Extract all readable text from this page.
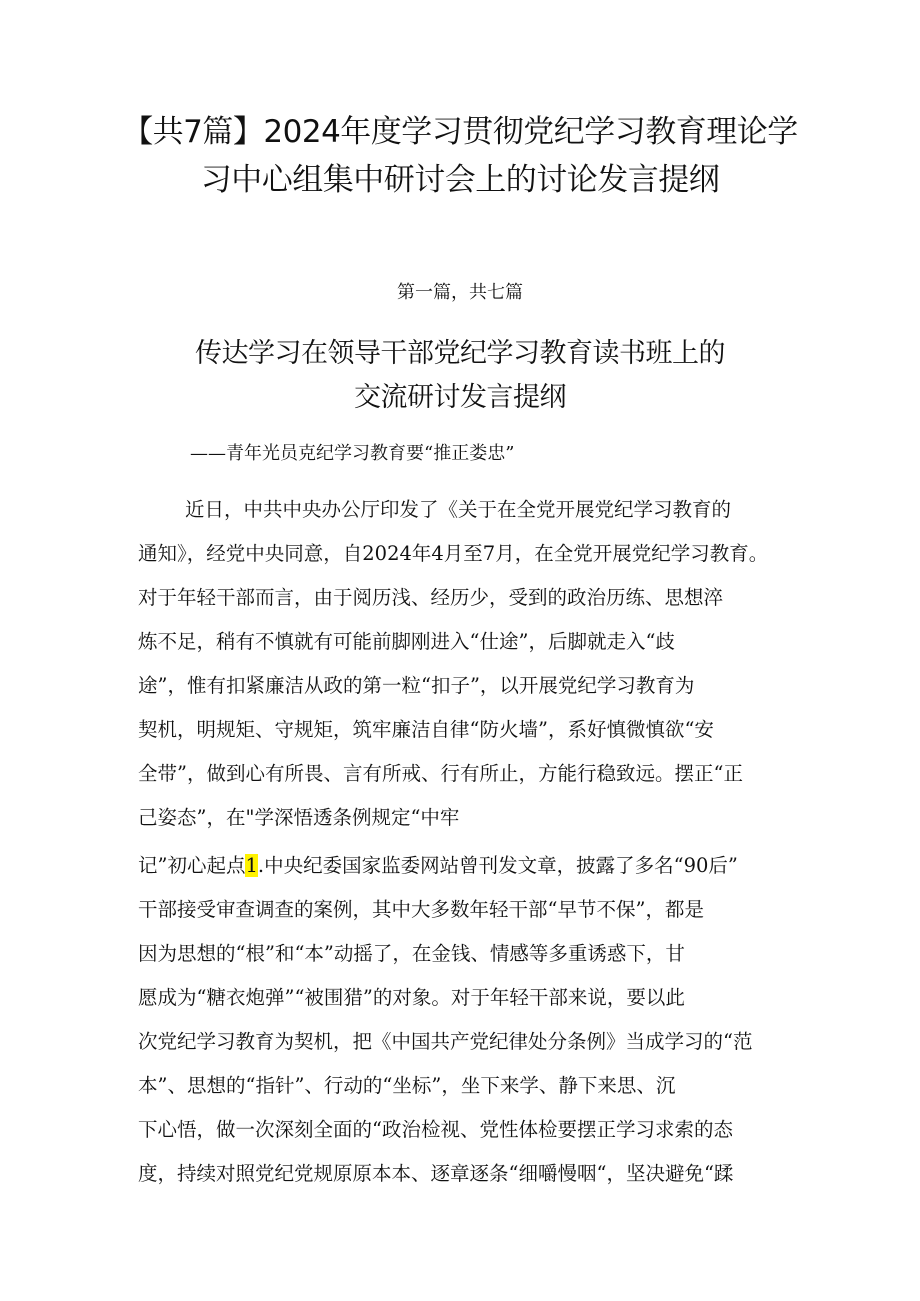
【共7篇】2024年度学习贯彻党纪学习教育理论学
习中心组集中研讨会上的讨论发言提纲
第一篇，共七篇
传达学习在领导干部党纪学习教育读书班上的
交流研讨发言提纲
——青年光员克纪学习教育要“推正娄忠”
近日，中共中央办公厅印发了《关于在全党开展党纪学习教育的
通知》，经党中央同意，自2024年4月至7月，在全党开展党纪学习教育。
对于年轻干部而言，由于阅历浅、经历少，受到的政治历练、思想淬
炼不足，稍有不慎就有可能前脚刚进入“仕途”，后脚就走入“歧
途”，惟有扣紧廉洁从政的第一粒“扣子”，以开展党纪学习教育为
契机，明规矩、守规矩，筑牢廉洁自律“防火墙”，系好慎微慎欲“安
全带”，做到心有所畏、言有所戒、行有所止，方能行稳致远。摆正“正
己姿态”，在"学深悟透条例规定“中牢
记”初心起点1.中央纪委国家监委网站曾刊发文章，披露了多名“90后”
干部接受审查调查的案例，其中大多数年轻干部“早节不保”，都是
因为思想的“根”和“本”动摇了，在金钱、情感等多重诱惑下，甘
愿成为“糖衣炮弹”“被围猎”的对象。对于年轻干部来说，要以此
次党纪学习教育为契机，把《中国共产党纪律处分条例》当成学习的“范
本”、思想的“指针”、行动的“坐标”，坐下来学、静下来思、沉
下心悟，做一次深刻全面的“政治检视、党性体检要摆正学习求索的态
度，持续对照党纪党规原原本本、逐章逐条“细嚼慢咽“，坚决避免“蹂
